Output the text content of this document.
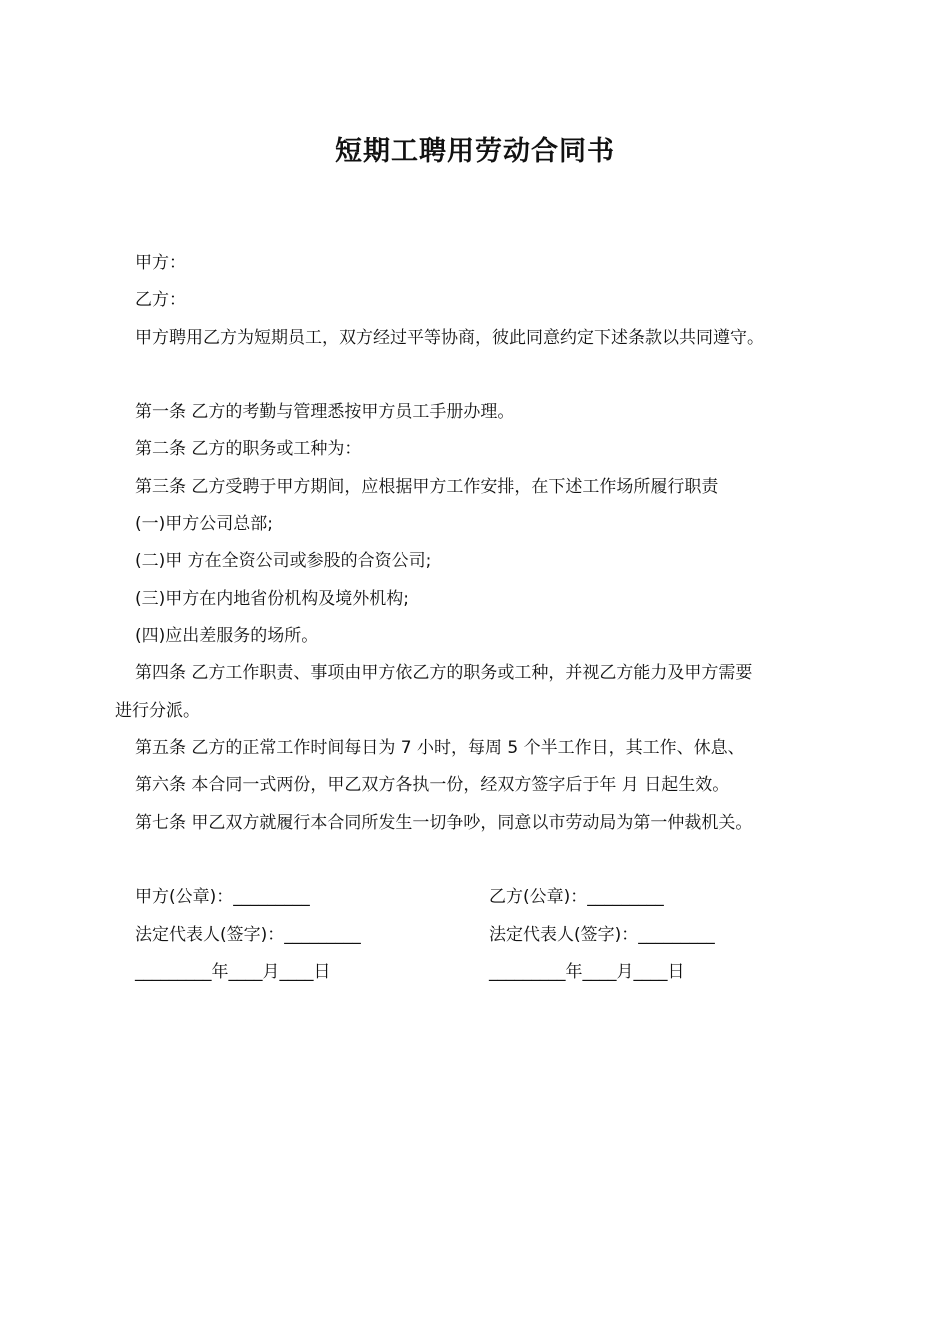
短期工聘用劳动合同书
甲方：
乙方：
甲方聘用乙方为短期员工，双方经过平等协商，彼此同意约定下述条款以共同遵守。
第一条 乙方的考勤与管理悉按甲方员工手册办理。
第二条 乙方的职务或工种为：
第三条 乙方受聘于甲方期间，应根据甲方工作安排，在下述工作场所履行职责
(一)甲方公司总部;
(二)甲 方在全资公司或参股的合资公司;
(三)甲方在内地省份机构及境外机构;
(四)应出差服务的场所。
第四条 乙方工作职责、事项由甲方依乙方的职务或工种，并视乙方能力及甲方需要
进行分派。
第五条 乙方的正常工作时间每日为 7 小时，每周 5 个半工作日，其工作、休息、
第六条 本合同一式两份，甲乙双方各执一份，经双方签字后于年 月 日起生效。
第七条 甲乙双方就履行本合同所发生一切争吵，同意以市劳动局为第一仲裁机关。
甲方(公章)：_________	乙方(公章)：_________
法定代表人(签字)：_________	法定代表人(签字)：_________
_________年____月____日	_________年____月____日
